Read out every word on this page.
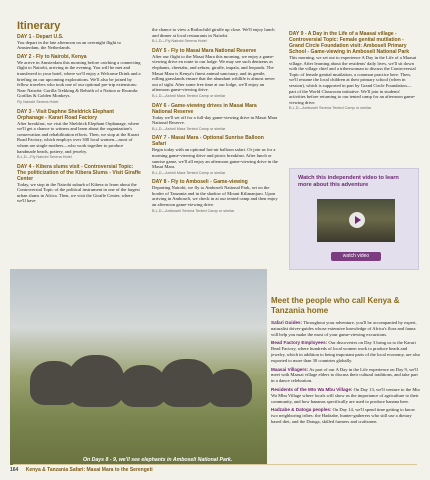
Itinerary
DAY 1 - Depart U.S.

You depart in the late afternoon on an overnight flight to Amsterdam, the Netherlands.

DAY 2 - Fly to Nairobi, Kenya

We arrive in Amsterdam this morning before catching a connecting flight to Nairobi, arriving in the evening. You will be met and transferred to your hotel, where we'll enjoy a Welcome Drink and a briefing on our upcoming explorations. We'll also be joined by fellow travelers who took one of our optional pre-trip extensions: Near Nairobi: Gorilla Trekking & Rebirth of a Nation or Rwanda: Gorillas & Golden Monkeys.

Fly Nairobi Serena Hotel
DAY 3 - Visit Daphne Sheldrick Elephant Orphanage - Karari Road Factory

After breakfast, we visit the Sheldrick Elephant Orphanage, where we'll get a chance to witness and learn about the organization's conservation and rehabilitation efforts. Then, we stop at the Karari Road Factory, which employs over 300 local women—most of whom are single mothers—who work together to produce handmade beads, pottery, and jewelry.

B,L,D—Fly Nairobi Serena Hotel
DAY 4 - Kibera slums visit - Controversial Topic: The politicization of the Kibera Slums - Visit Giraffe Center

Today, we stop in the Nairobi suburb of Kibera to learn about the Controversial Topic of the political instrument in one of the largest urban slums in Africa. Then, we visit the Giraffe Center, where we'll have

the chance to view a Rothschild giraffe up close. We'll enjoy lunch and dinner at local restaurants in Nairobi.

B,L,D—Fly Nairobi Serena Hotel
DAY 5 - Fly to Masai Mara National Reserve

After our flight to the Masai Mara this morning, we enjoy a game-viewing drive en route to our lodge. We may see such denizens as elephants, cheetahs, and zebras; giraffe, impala, and leopards. The Masai Mara is Kenya's finest animal sanctuary, and its gentle, rolling grasslands ensure that the abundant wildlife is almost never out of sight. After some free time at our lodge, we'll enjoy an afternoon game-viewing drive.

B,L,D—Ashnil Mara Tented Camp or similar
DAY 6 - Game-viewing drives in Masai Mara National Reserve

Today we'll set off for a full-day game-viewing drive in Masai Mara National Reserve.

B,L,D—Ashnil Mara Tented Camp or similar
DAY 7 - Masai Mara - Optional Sunrise Balloon Safari

Begin today with an optional hot-air balloon safari. Or join us for a morning game-viewing drive and picnic breakfast. After lunch or sunrise game, we'll all enjoy an afternoon game-viewing drive in the Masai Mara.

B,L,D—Ashnil Mara Tented Camp or similar
DAY 8 - Fly to Amboseli - Game-viewing

Departing Nairobi, we fly to Amboseli National Park, set on the border of Tanzania and in the shadow of Mount Kilimanjaro. Upon arriving in Amboseli, we check in at our tented camp and then enjoy an afternoon game-viewing drive.

B,L,D—Amboseli Serena Tented Camp or similar
DAY 9 - A Day in the Life of a Maasai village - Controversial Topic: Female genital mutilation - Grand Circle Foundation visit: Amboseli Primary School - Game-viewing in Amboseli National Park

This morning, we set out to experience A Day in the Life of a Maasai village. After learning about the residents' daily lives, we'll sit down with the village chief and a tribeswoman to discuss the Controversial Topic of female genital mutilation, a common practice here. Then, we'll resume the local children at their primary school (when in session), which is supported in part by Grand Circle Foundation—part of the World Classroom initiative. We'll join in students' activities before returning to our tented camp for an afternoon game-viewing drive.

B,L,D—Amboseli Serena Tented Camp or similar
Watch this independent video to learn more about this adventure
watch video
On Days 8 - 9, we'll see elephants in Amboseli National Park.
Meet the people who call Kenya & Tanzania home

Safari Guides: Throughout your adventure, you'll be accompanied by expert, naturalist driver-guides whose extensive knowledge of Africa's flora and fauna will help you make the most of your game-viewing excursions.

Bead Factory Employees: Our discoveries on Day 3 bring us to the Karari Bead Factory, where hundreds of local women work to produce beads and jewelry, which in addition to being important parts of the local economy, are also exported to more than 30 countries globally.

Maasai Villagers: As part of our A Day in the Life experience on Day 9, we'll meet with Maasai village elders to discuss their cultural traditions, and take part in a dance celebration.

Residents of the Mto Wa Mbu Village: On Day 13, we'll venture to the Mto Wa Mbu Village where locals will show us the importance of agriculture to their community, and how bananas specifically are used to produce banana beer.

Hadzabe & Datoga peoples: On Day 14, we'll spend time getting to know two neighboring tribes: the Hadzabe, hunter-gatherers who still use a dietary based diet, and the Datoga, skilled farmers and craftsmen.

164 Kenya & Tanzania Safari: Masai Mara to the Serengeti
